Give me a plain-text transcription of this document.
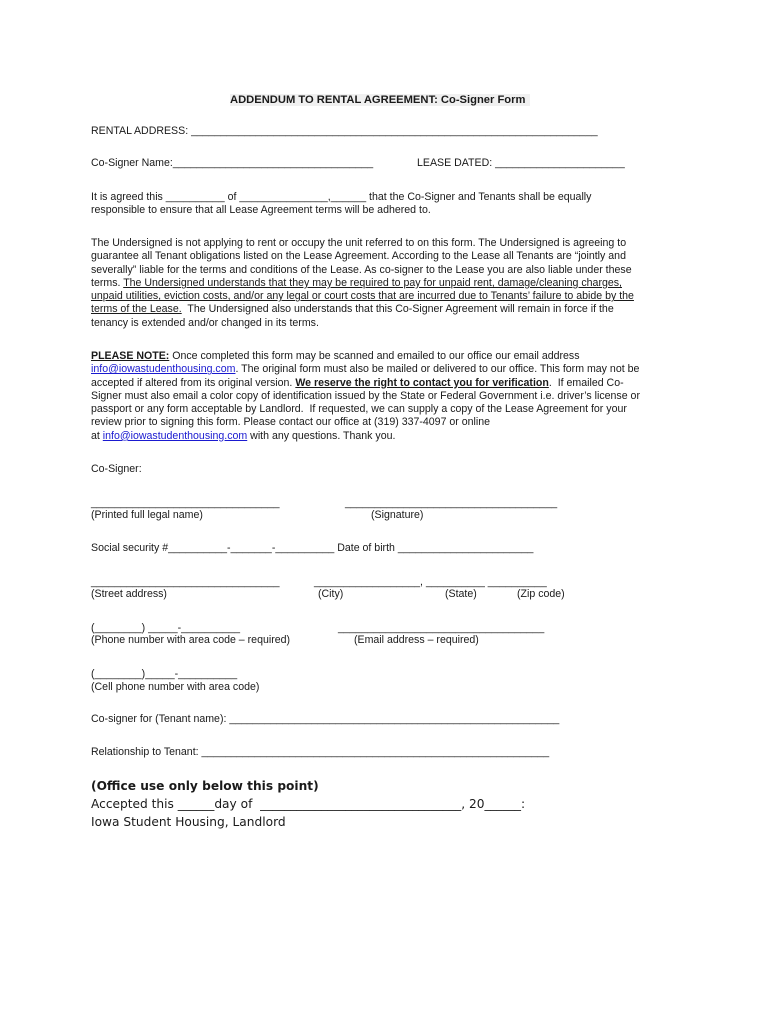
ADDENDUM TO RENTAL AGREEMENT: Co-Signer Form
RENTAL ADDRESS: _____________________________________________________________________
Co-Signer Name:__________________________________	LEASE DATED: ______________________
It is agreed this __________ of _______________,______ that the Co-Signer and Tenants shall be equally
responsible to ensure that all Lease Agreement terms will be adhered to.
The Undersigned is not applying to rent or occupy the unit referred to on this form. The Undersigned is agreeing to
guarantee all Tenant obligations listed on the Lease Agreement. According to the Lease all Tenants are “jointly and
severally” liable for the terms and conditions of the Lease. As co-signer to the Lease you are also liable under these
terms. The Undersigned understands that they may be required to pay for unpaid rent, damage/cleaning charges,
unpaid utilities, eviction costs, and/or any legal or court costs that are incurred due to Tenants’ failure to abide by the
terms of the Lease.  The Undersigned also understands that this Co-Signer Agreement will remain in force if the
tenancy is extended and/or changed in its terms.
PLEASE NOTE: Once completed this form may be scanned and emailed to our office our email address
info@iowastudenthousing.com. The original form must also be mailed or delivered to our office. This form may not be
accepted if altered from its original version. We reserve the right to contact you for verification.  If emailed Co-
Signer must also email a color copy of identification issued by the State or Federal Government i.e. driver’s license or
passport or any form acceptable by Landlord.  If requested, we can supply a copy of the Lease Agreement for your
review prior to signing this form. Please contact our office at (319) 337-4097 or online
at info@iowastudenthousing.com with any questions. Thank you.
Co-Signer:
________________________________	____________________________________
(Printed full legal name)	(Signature)
Social security #__________-_______-__________ Date of birth _______________________
________________________________	__________________, __________ __________
(Street address)	(City)	(State)	(Zip code)
(________) _____-__________	___________________________________
(Phone number with area code – required)	(Email address – required)
(________)_____-__________
(Cell phone number with area code)
Co-signer for (Tenant name): ________________________________________________________
Relationship to Tenant: ___________________________________________________________
(Office use only below this point)
Accepted this ______day of  _________________________________, 20______:
Iowa Student Housing, Landlord
